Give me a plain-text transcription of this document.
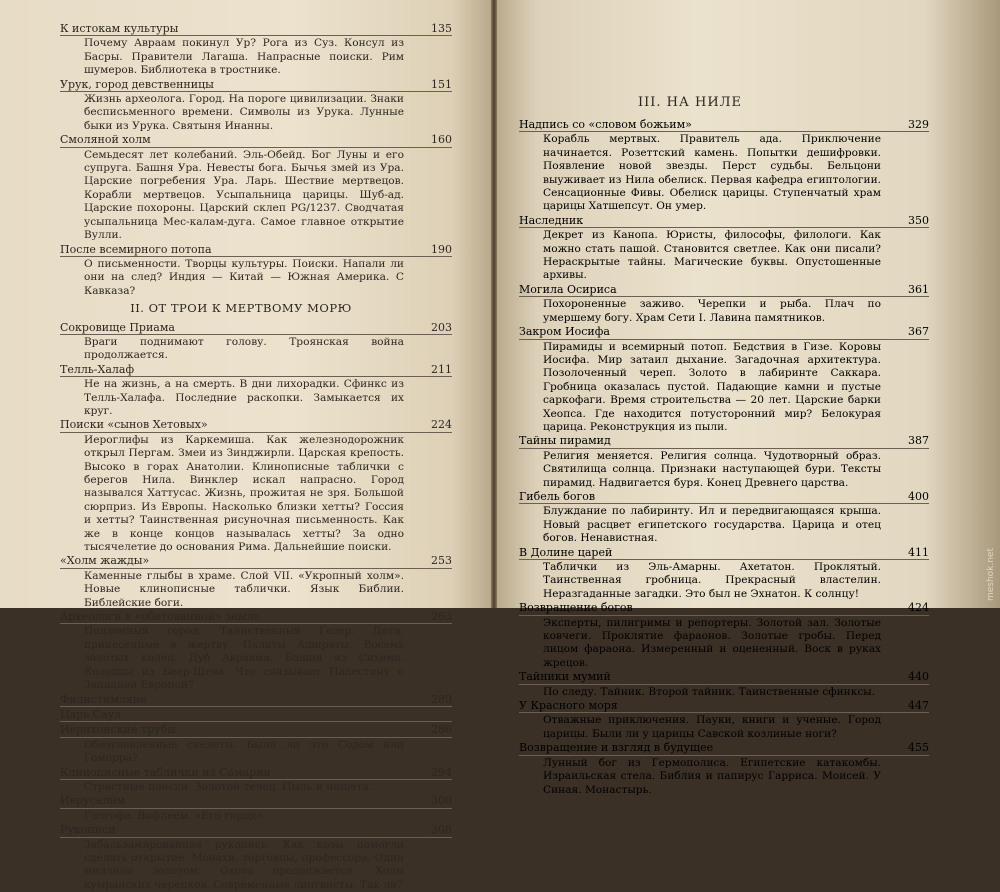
К истокам культуры	135
Почему Авраам покинул Ур? Рога из Суз. Консул из Басры. Правители Лагаша. Напрасные поиски. Рим шумеров. Библиотека в тростнике.
Урук, город девственницы	151
Жизнь археолога. Город. На пороге цивилизации. Знаки бесписьменного времени. Символы из Урука. Лунные быки из Урука. Святыня Инанны.
Смоляной холм	160
Семьдесят лет колебаний. Эль-Обейд. Бог Луны и его супруга. Башня Ура. Невесты бога. Бычья змей из Ура. Царские погребения Ура. Ларь. Шествие мертвецов. Корабли мертвецов. Усыпальница царицы. Шуб-ад. Царские похороны. Царский склеп PG/1237. Сводчатая усыпальница Мес-калам-дуга. Самое главное открытие Вулли.
После всемирного потопа	190
О письменности. Творцы культуры. Поиски. Напали ли они на след? Индия — Китай — Южная Америка. С Кавказа?
II. ОТ ТРОИ К МЕРТВОМУ МОРЮ
Сокровище Приама	203
Враги поднимают голову. Троянская война продолжается.
Телль-Халаф	211
Не на жизнь, а на смерть. В дни лихорадки. Сфинкс из Телль-Халафа. Последние раскопки. Замыкается их круг.
Поиски «сынов Хетовых»	224
Иероглифы из Каркемиша. Как железнодорожник открыл Пергам. Змеи из Зинджирли. Царская крепость. Высоко в горах Анатолии. Клинописные таблички с берегов Нила. Винклер искал напрасно. Город назывался Хаттусас. Жизнь, прожитая не зря. Большой сюрприз. Из Европы. Насколько близки хетты? Госсия и хетты? Таинственная рисуночная письменность. Как же в конце концов называлась хетты? За одно тысячелетие до основания Рима. Дальнейшие поиски.
«Холм жажды»	253
Каменные глыбы в храме. Слой VII. «Укропный холм». Новые клинописные таблички. Язык Библии. Библейские боги.
Археологи в «обетованной» земле	263
Подземный город. Таинственный Гезер. Дети, принесенные в жертву. Палаты Ашираты. Восемь золотых колец. Дуб Авраама. Башня из Сихема. Колодцы из Беер-Шева. Что связывает Палестину с Западной Европой?
Филистимляне	280
Царь Саул
Иерихонские трубы	286
Обезглавленные скелеты. Были ли это Содом или Гоморра?
Клинописные таблички из Самарии	294
Страстные поиски. Золотой телец. Пыль и нищета.
Иерусалим	300
Голгофа. Вифлеем. «Его город».
Рукописи	308
Забальзамированная рукопись. Как козы помогли сделать открытие. Монахи, торговцы, профессора. Один миллион золотом. Охота продолжается. Холм кумранских черепков. Современные лингвисты. Так ли?
III. НА НИЛЕ
Надпись со «словом божьим»	329
Корабль мертвых. Правитель ада. Приключение начинается. Розеттский камень. Попытки дешифровки. Появление новой звезды. Перст судьбы. Бельцони выуживает из Нила обелиск. Первая кафедра египтологии. Сенсационные Фивы. Обелиск царицы. Ступенчатый храм царицы Хатшепсут. Он умер.
Наследник	350
Декрет из Канопа. Юристы, философы, филологи. Как можно стать пашой. Становится светлее. Как они писали? Нераскрытые тайны. Магические буквы. Опустошенные архивы.
Могила Осириса	361
Похороненные заживо. Черепки и рыба. Плач по умершему богу. Храм Сети I. Лавина памятников.
Закром Иосифа	367
Пирамиды и всемирный потоп. Бедствия в Гизе. Коровы Иосифа. Мир затаил дыхание. Загадочная архитектура. Позолоченный череп. Золото в лабиринте Саккара. Гробница оказалась пустой. Падающие камни и пустые саркофаги. Время строительства — 20 лет. Царские барки Хеопса. Где находится потусторонний мир? Белокурая царица. Реконструкция из пыли.
Тайны пирамид	387
Религия меняется. Религия солнца. Чудотворный образ. Святилища солнца. Признаки наступающей бури. Тексты пирамид. Надвигается буря. Конец Древнего царства.
Гибель богов	400
Блуждание по лабиринту. Ил и передвигающаяся крыша. Новый расцвет египетского государства. Царица и отец богов. Ненавистная.
В Долине царей	411
Таблички из Эль-Амарны. Ахетатон. Проклятый. Таинственная гробница. Прекрасный властелин. Неразгаданные загадки. Это был не Эхнатон. К солнцу!
Возвращение богов	424
Эксперты, пилигримы и репортеры. Золотой зал. Золотые ковчеги. Проклятие фараонов. Золотые гробы. Перед лицом фараона. Измеренный и оцененный. Воск в руках жрецов.
Тайники мумий	440
По следу. Тайник. Второй тайник. Таинственные сфинксы.
У Красного моря	447
Отважные приключения. Пауки, книги и ученые. Город царицы. Были ли у царицы Савской козлиные ноги?
Возвращение и взгляд в будущее	455
Лунный бог из Гермополиса. Египетские катакомбы. Израильская стела. Библия и папирус Гарриса. Моисей. У Синая. Монастырь.
meshok.net
